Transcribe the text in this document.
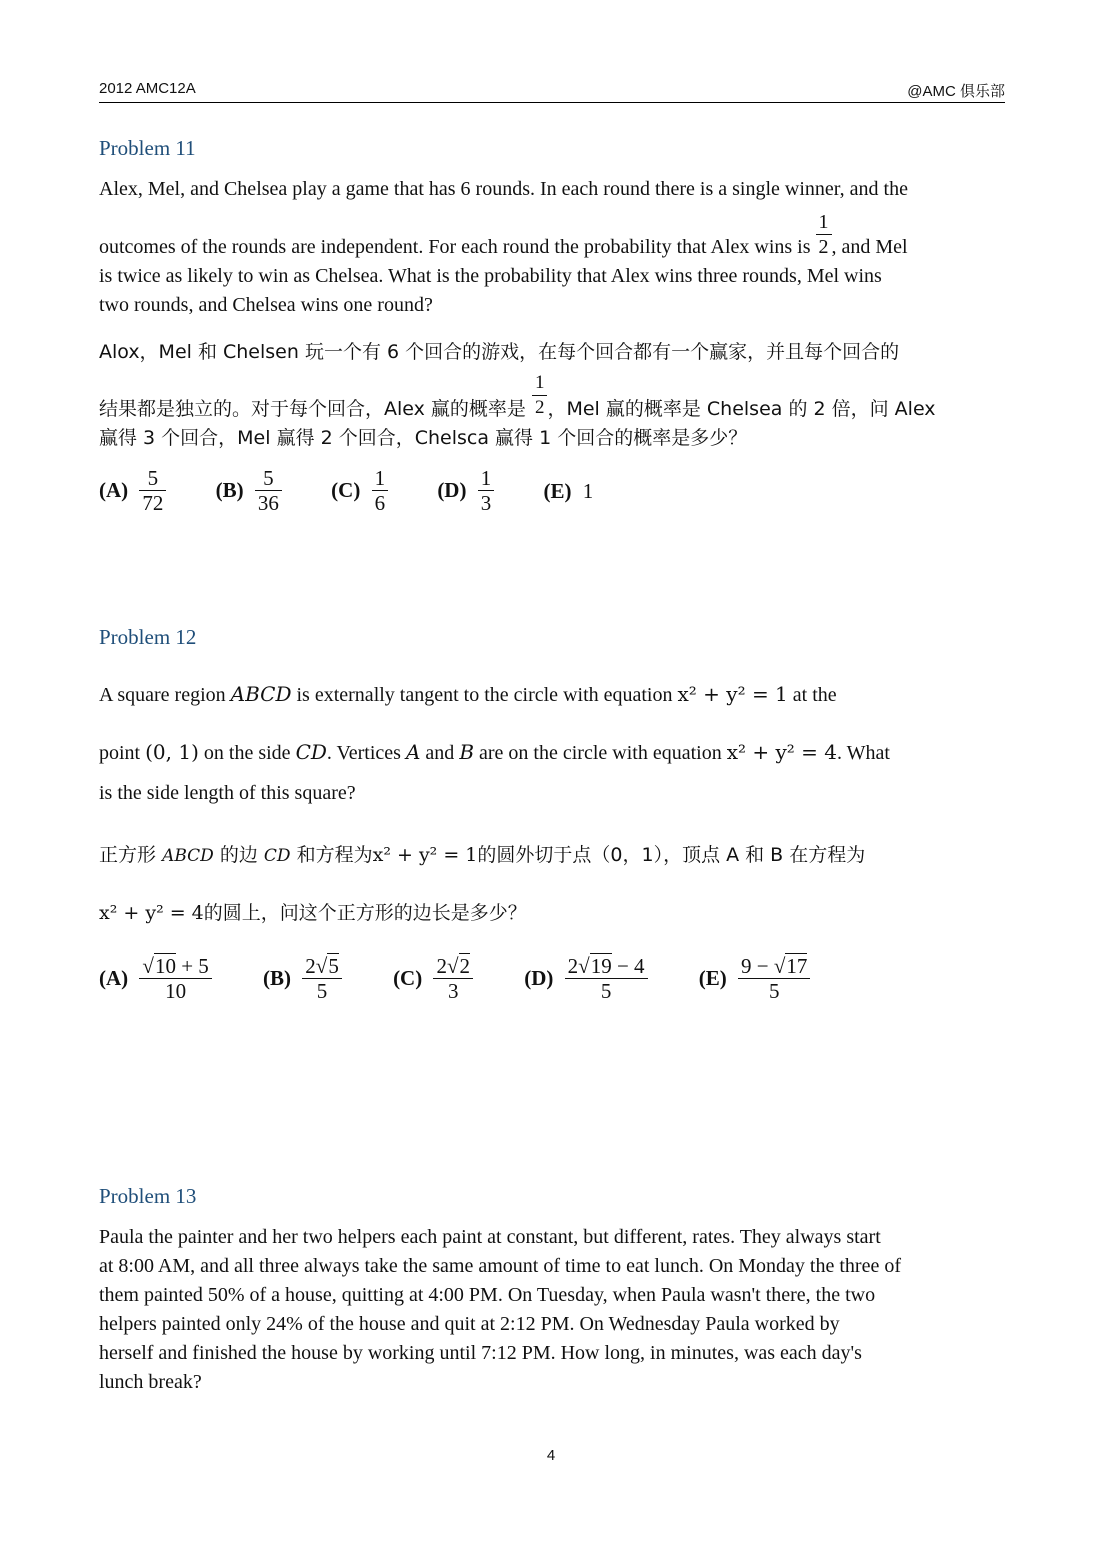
2012 AMC12A	@AMC 俱乐部
Problem 11
Alex, Mel, and Chelsea play a game that has 6 rounds. In each round there is a single winner, and the
outcomes of the rounds are independent. For each round the probability that Alex wins is $\frac{1}{2}$ , and Mel
is twice as likely to win as Chelsea. What is the probability that Alex wins three rounds, Mel wins
two rounds, and Chelsea wins one round?
Alox，Mel 和 Chelsen 玩一个有 6 个回合的游戏，在每个回合都有一个赢家，并且每个回合的
结果都是独立的。对于每个回合，Alex 赢的概率是 $\frac{1}{2}$ ，Mel 赢的概率是 Chelsea 的 2 倍，问 Alex
赢得 3 个回合，Mel 赢得 2 个回合，Chelsca 赢得 1 个回合的概率是多少？
$(A) \frac{5}{72} (B) \frac{5}{36} (C) \frac{1}{6} (D) \frac{1}{3} (E)$ 1
Problem 12
A square region ABCD is externally tangent to the circle with equation x² + y² = 1 at the
point (0, 1) on the side CD. Vertices A and B are on the circle with equation x² + y² = 4. What
is the side length of this square?
正方形 ABCD 的边 CD 和方程为x² + y² = 1的圆外切于点（0，1），顶点 A 和 B 在方程为
x² + y² = 4的圆上，问这个正方形的边长是多少？
$(A) \frac{√10 + 5}{10} (B) \frac{2√5}{5} (C) \frac{2√2}{3} (D) \frac{2√19 - 4}{5} (E) \frac{9 - √17}{5}$
Problem 13
Paula the painter and her two helpers each paint at constant, but different, rates. They always start
at 8:00 AM, and all three always take the same amount of time to eat lunch. On Monday the three of
them painted 50% of a house, quitting at 4:00 PM. On Tuesday, when Paula wasn't there, the two
helpers painted only 24% of the house and quit at 2:12 PM. On Wednesday Paula worked by
herself and finished the house by working until 7:12 PM. How long, in minutes, was each day's
lunch break?
4
